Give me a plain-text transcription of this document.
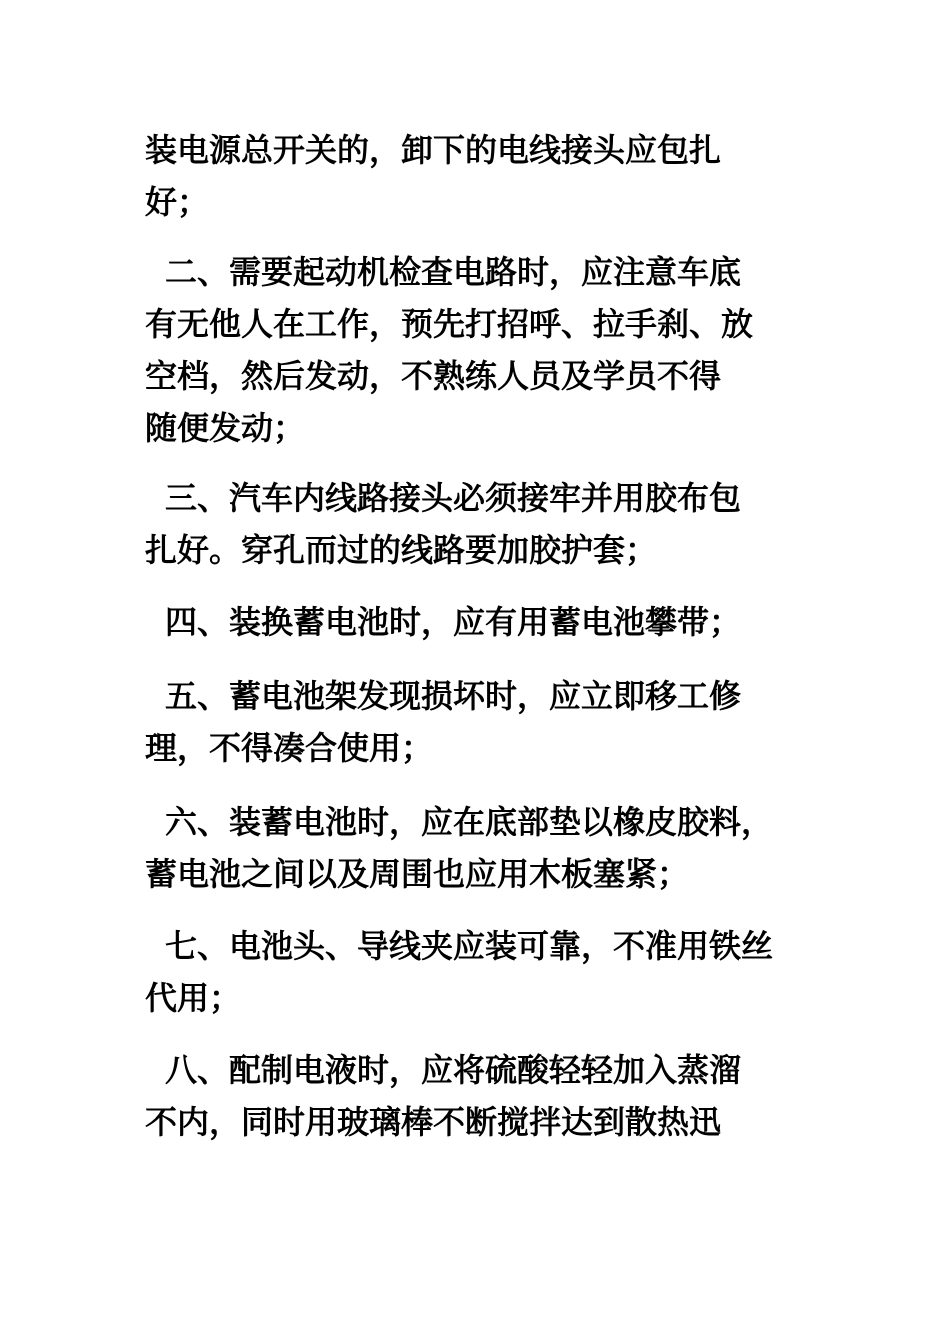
装电源总开关的，卸下的电线接头应包扎

好；

二、需要起动机检查电路时，应注意车底

有无他人在工作，预先打招呼、拉手刹、放

空档，然后发动，不熟练人员及学员不得

随便发动；

三、汽车内线路接头必须接牢并用胶布包

扎好。穿孔而过的线路要加胶护套；

四、装换蓄电池时，应有用蓄电池攀带；

五、蓄电池架发现损坏时，应立即移工修

理，不得凑合使用；

六、装蓄电池时，应在底部垫以橡皮胶料，

蓄电池之间以及周围也应用木板塞紧；

七、电池头、导线夹应装可靠，不准用铁丝

代用；

八、配制电液时，应将硫酸轻轻加入蒸溜

不内，同时用玻璃棒不断搅拌达到散热迅
